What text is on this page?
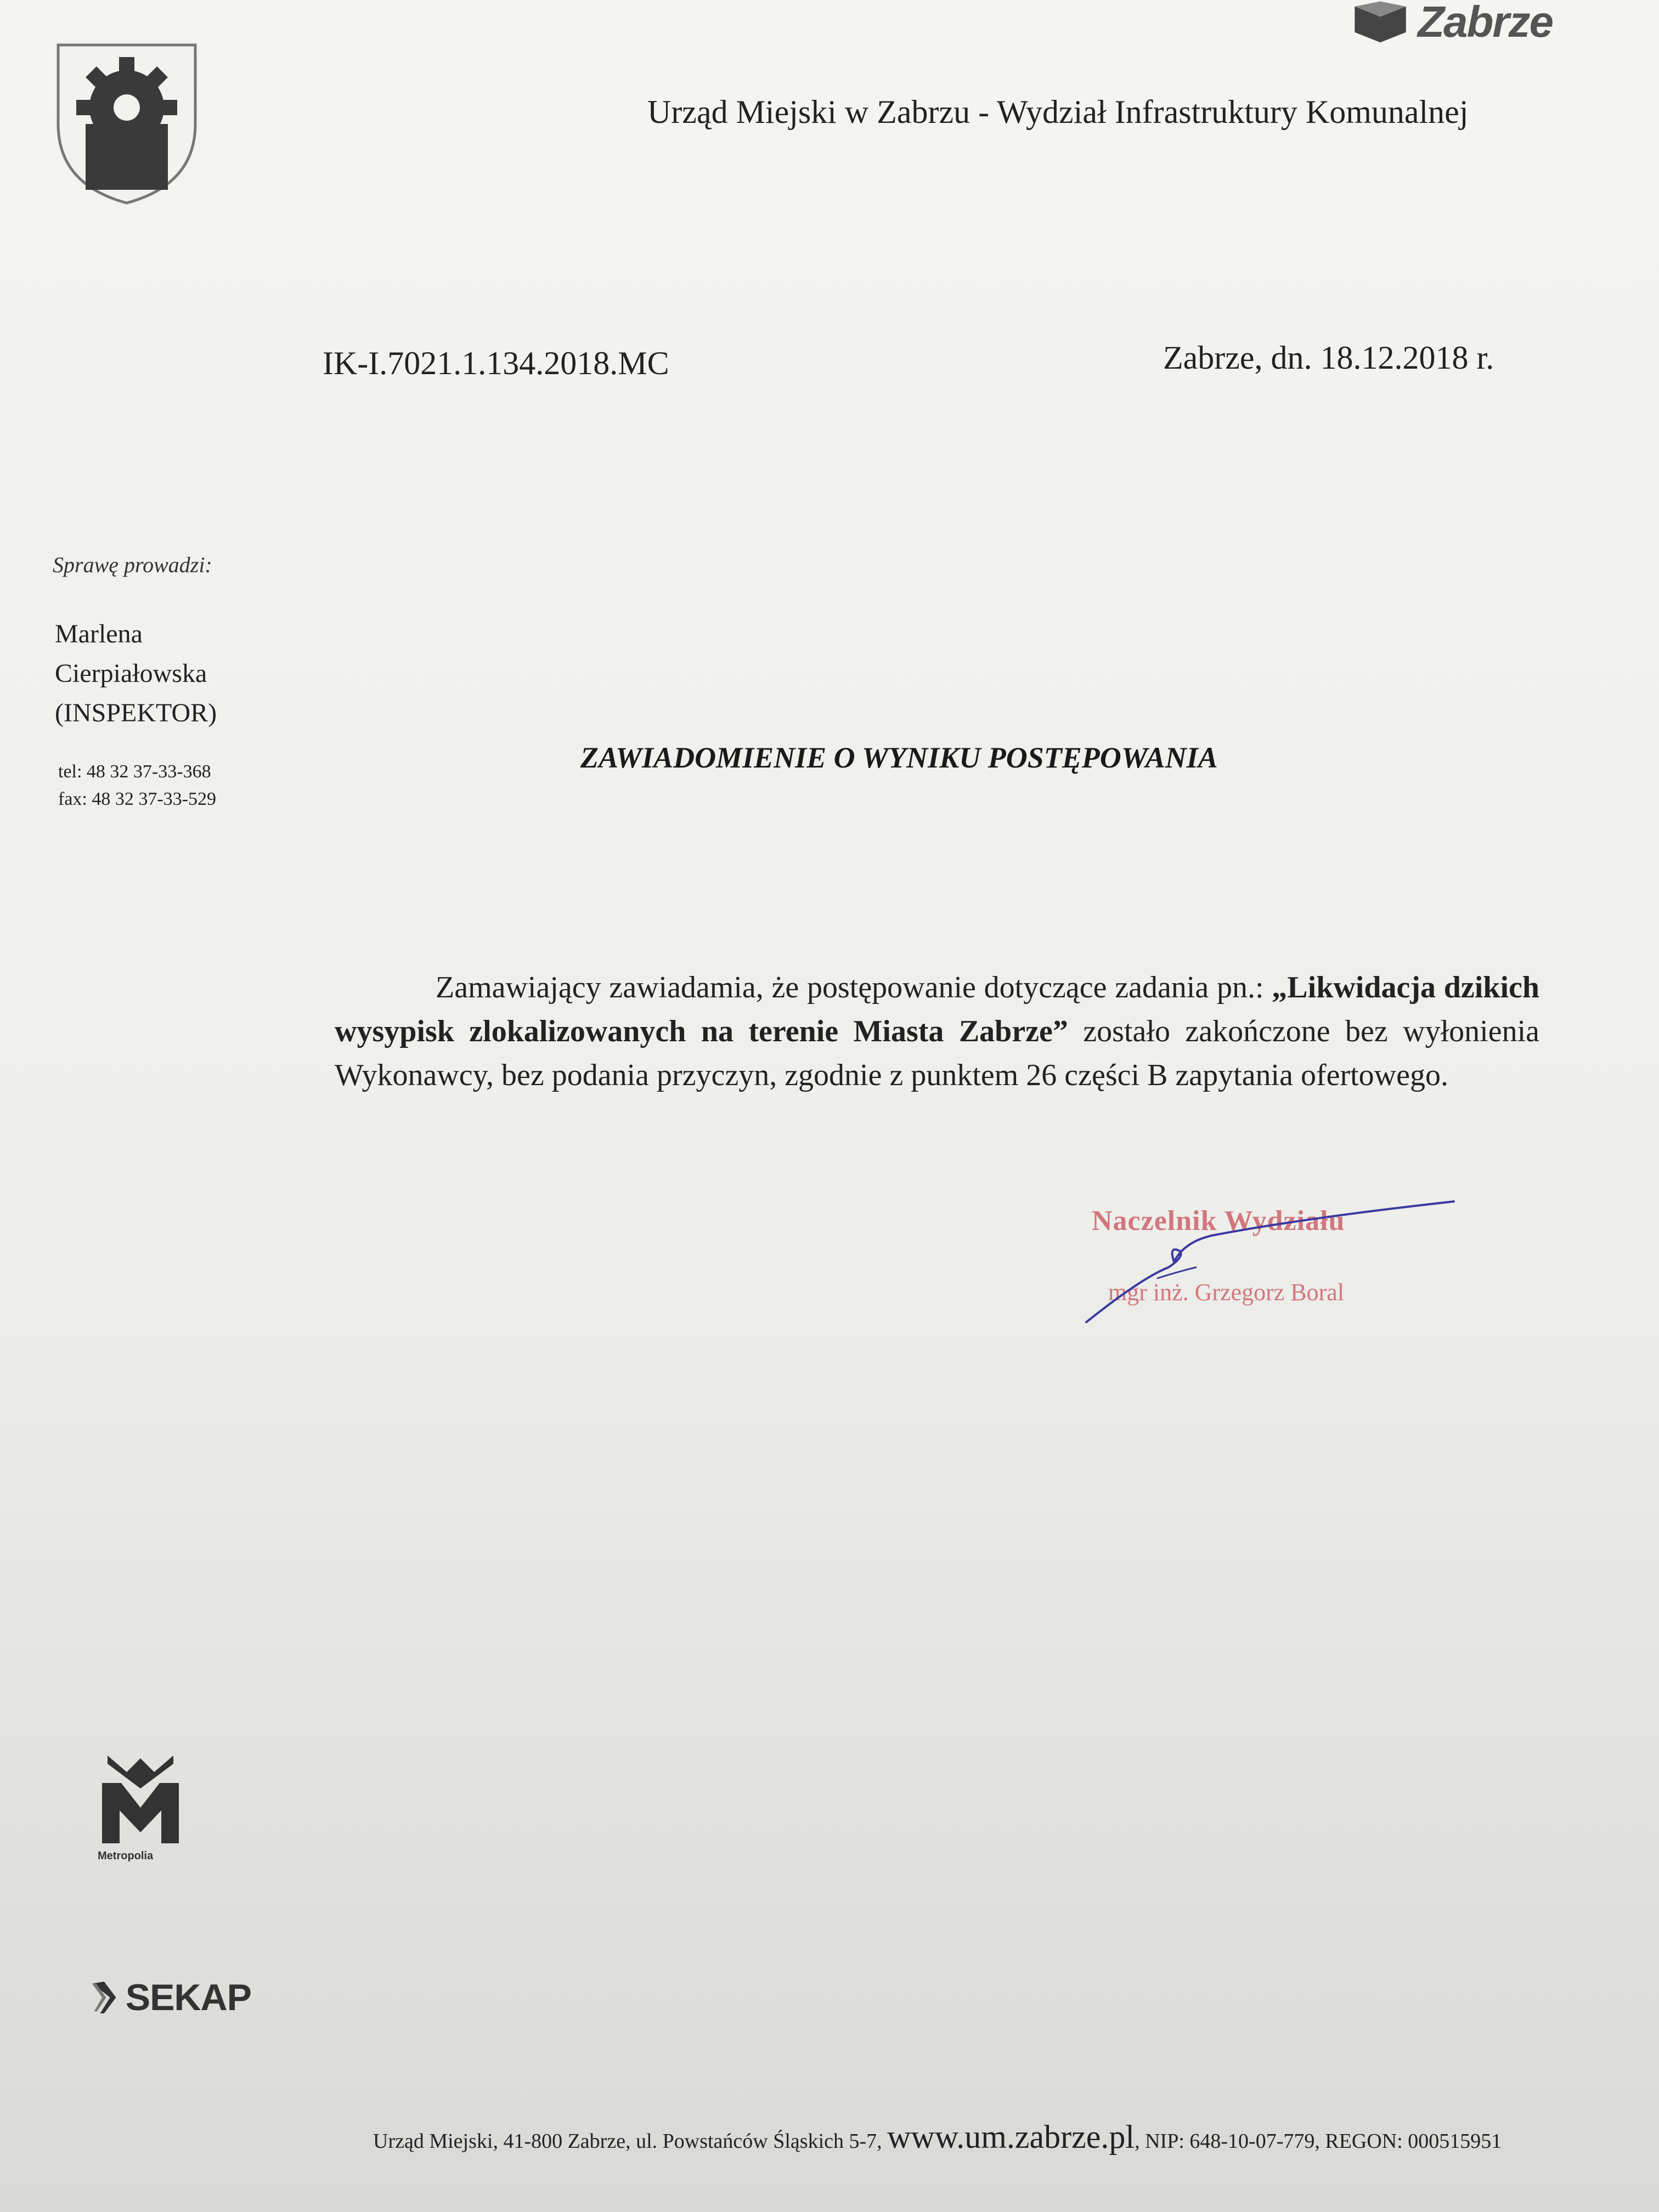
Zabrze
Urząd Miejski w Zabrzu - Wydział Infrastruktury Komunalnej
IK-I.7021.1.134.2018.MC	Zabrze, dn. 18.12.2018 r.
Sprawę prowadzi:
Marlena
Cierpiałowska
(INSPEKTOR)
tel: 48 32 37-33-368
fax: 48 32 37-33-529
ZAWIADOMIENIE O WYNIKU POSTĘPOWANIA
Zamawiający zawiadamia, że postępowanie dotyczące zadania pn.: „Likwidacja dzikich wysypisk zlokalizowanych na terenie Miasta Zabrze” zostało zakończone bez wyłonienia Wykonawcy, bez podania przyczyn, zgodnie z punktem 26 części B zapytania ofertowego.
Naczelnik Wydziału
mgr inż. Grzegorz Boral
Metropolia
SEKAP
Urząd Miejski, 41-800 Zabrze, ul. Powstańców Śląskich 5-7, www.um.zabrze.pl, NIP: 648-10-07-779, REGON: 000515951
